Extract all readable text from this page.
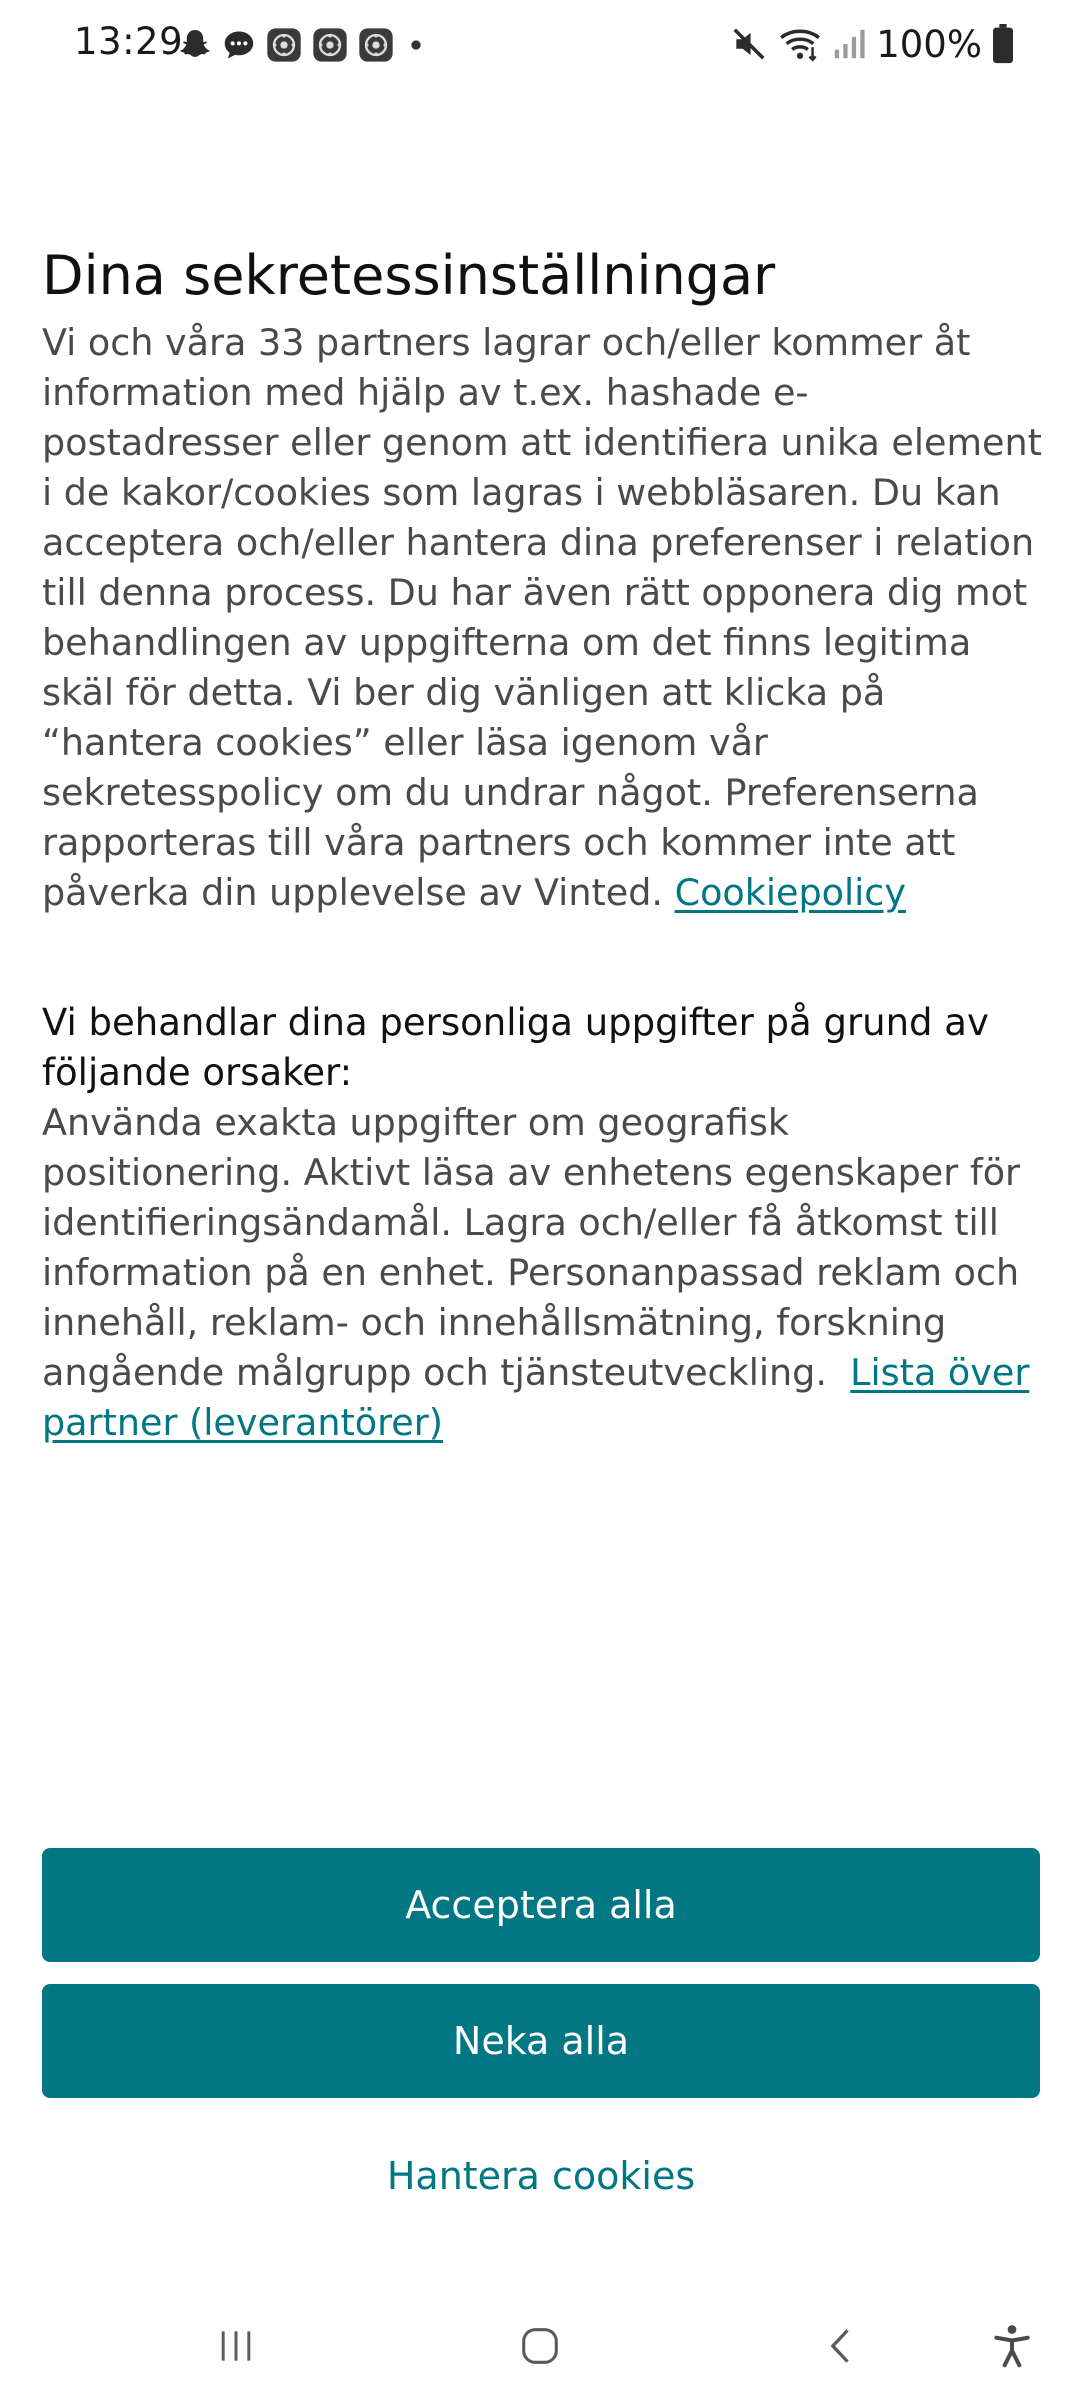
13:29	100%
Dina sekretessinställningar

Vi och våra 33 partners lagrar och/eller kommer åt information med hjälp av t.ex. hashade e-postadresser eller genom att identifiera unika element i de kakor/cookies som lagras i webbläsaren. Du kan acceptera och/eller hantera dina preferenser i relation till denna process. Du har även rätt opponera dig mot behandlingen av uppgifterna om det finns legitima skäl för detta. Vi ber dig vänligen att klicka på “hantera cookies” eller läsa igenom vår sekretesspolicy om du undrar något. Preferenserna rapporteras till våra partners och kommer inte att påverka din upplevelse av Vinted. Cookiepolicy

Vi behandlar dina personliga uppgifter på grund av följande orsaker:

Använda exakta uppgifter om geografisk positionering. Aktivt läsa av enhetens egenskaper för identifieringsändamål. Lagra och/eller få åtkomst till information på en enhet. Personanpassad reklam och innehåll, reklam- och innehållsmätning, forskning angående målgrupp och tjänsteutveckling. Lista över partner (leverantörer)

Acceptera alla
Neka alla
Hantera cookies
